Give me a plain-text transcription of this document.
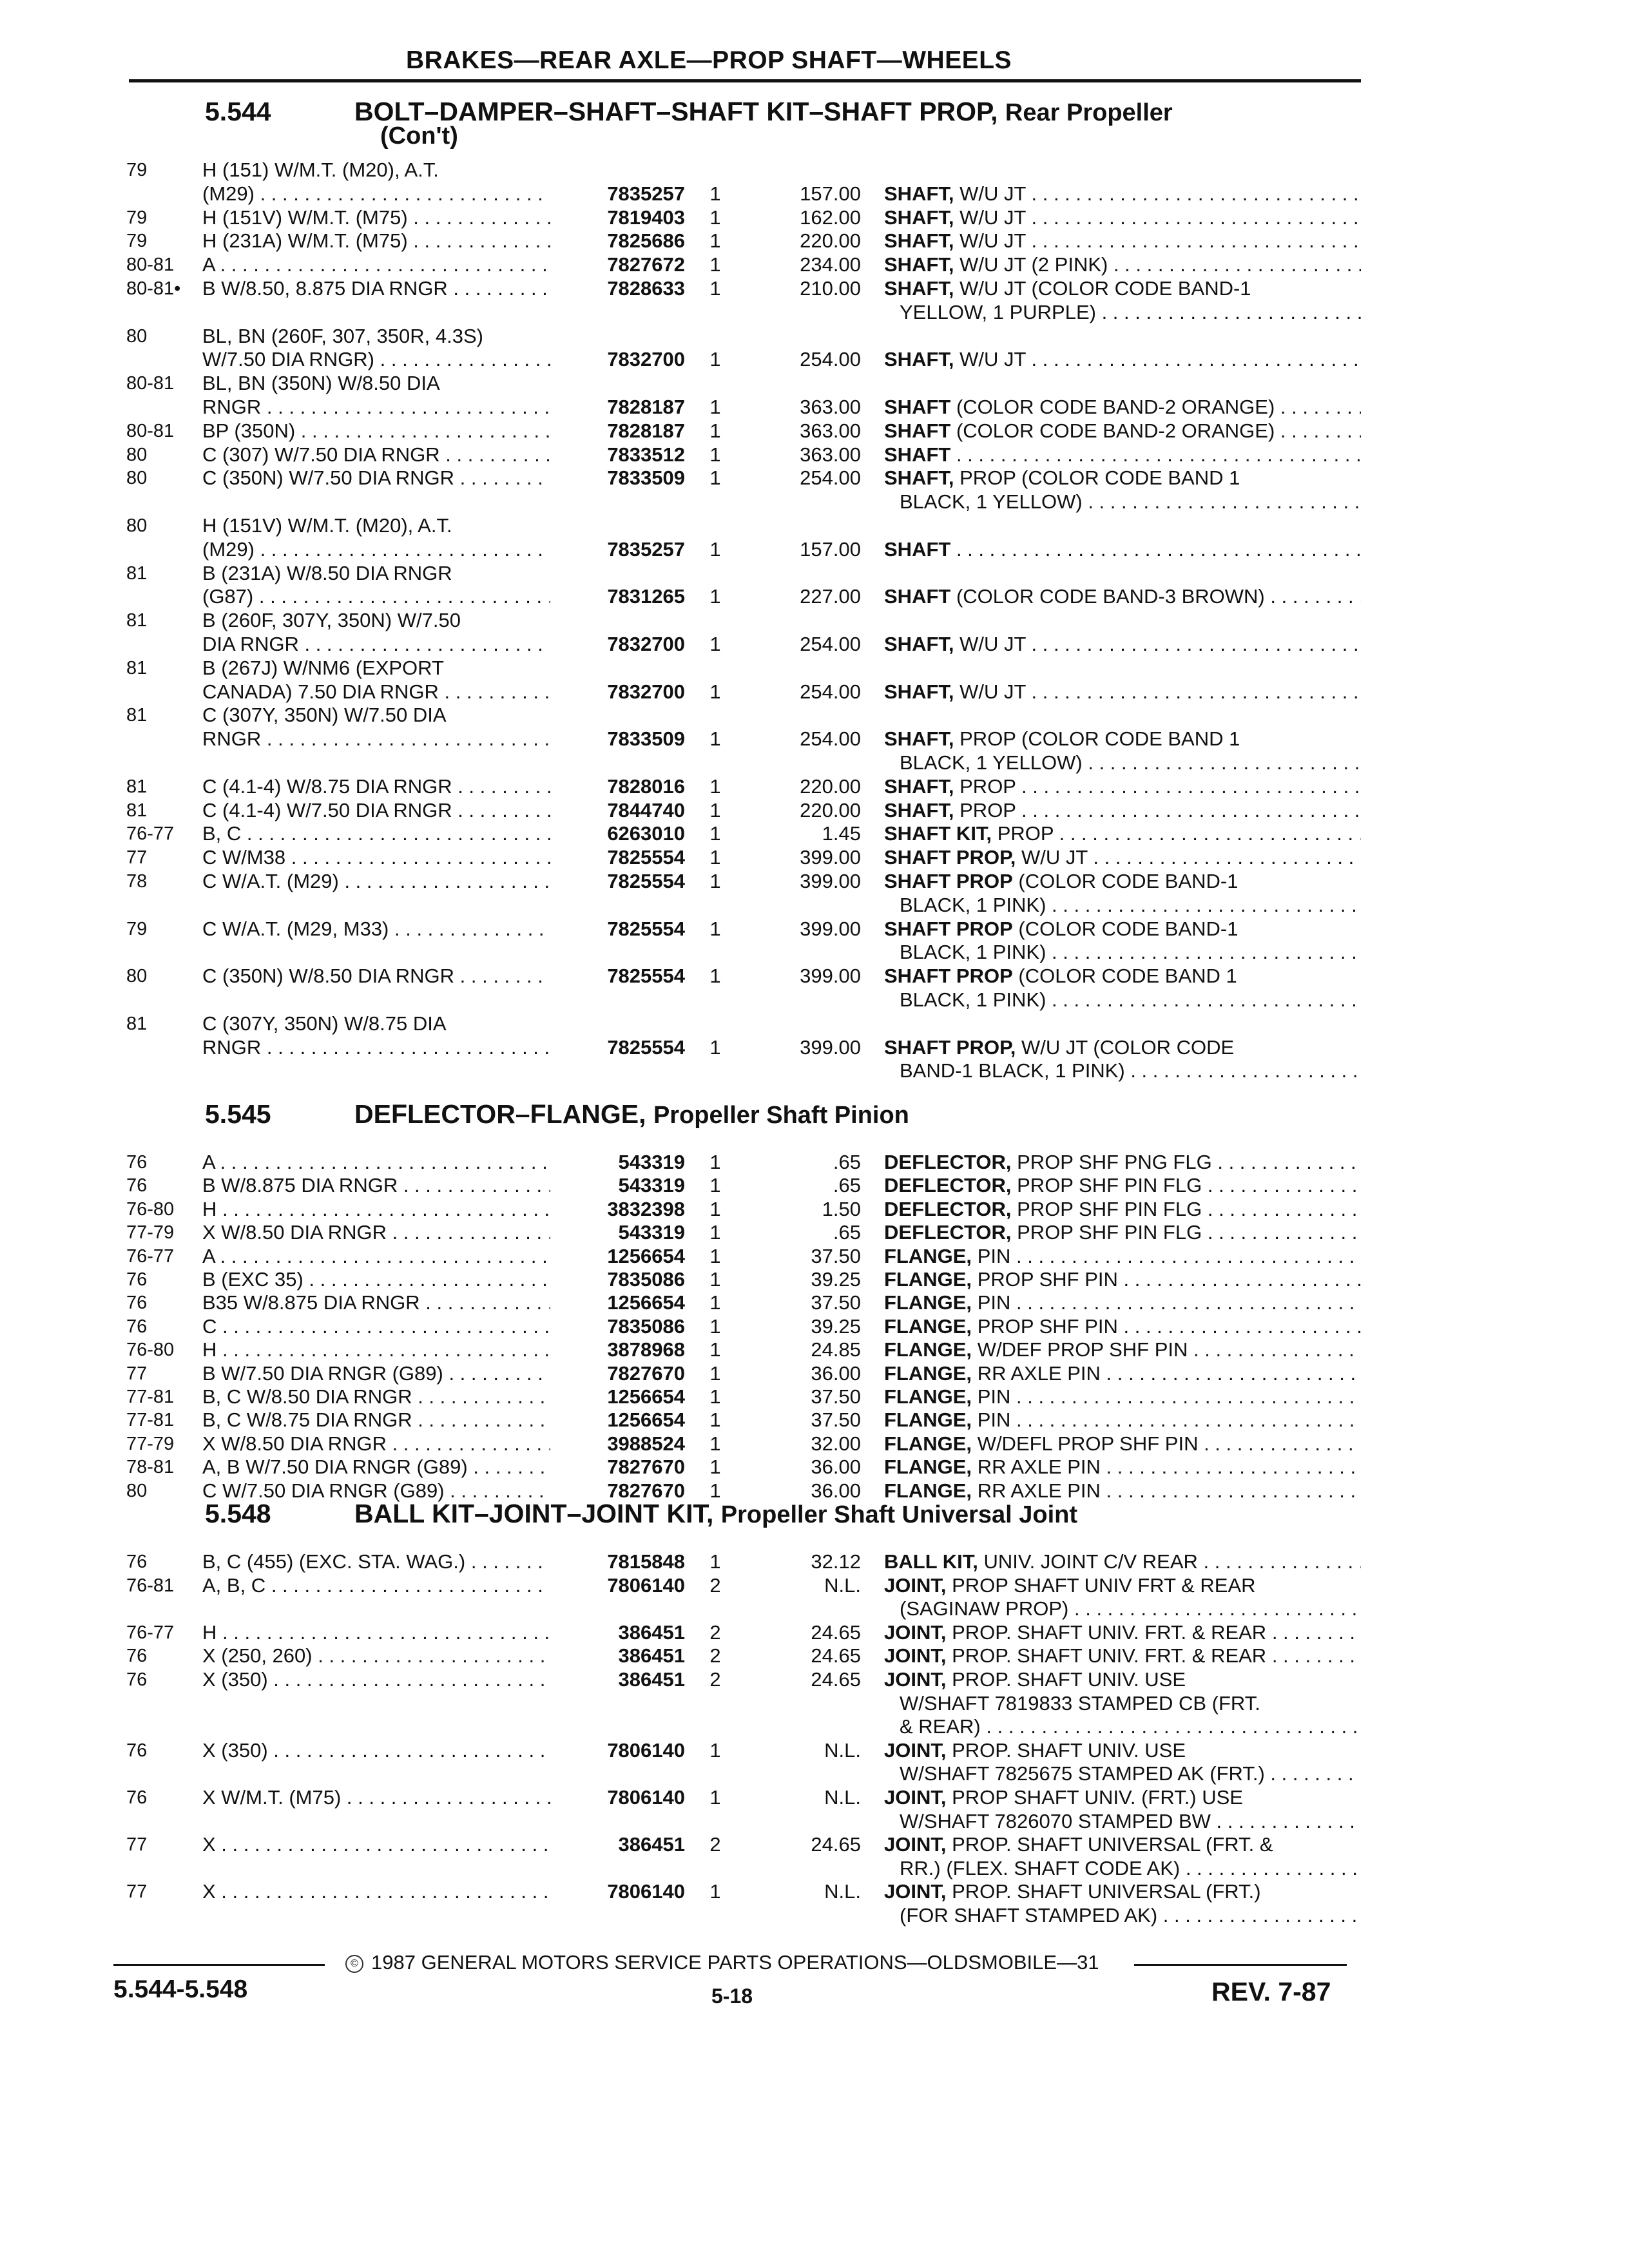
BRAKES—REAR AXLE—PROP SHAFT—WHEELS
5.544	BOLT–DAMPER–SHAFT–SHAFT KIT–SHAFT PROP, Rear Propeller
(Con't)
79	H (151) W/M.T. (M20), A.T.
(M29) . . .	7835257	1	157.00 SHAFT, W/U JT . . .
79	H (151V) W/M.T. (M75) . . .	7819403	1	162.00 SHAFT, W/U JT . . .
79	H (231A) W/M.T. (M75) . . .	7825686	1	220.00 SHAFT, W/U JT . . .
80-81 A . . .	7827672	1	234.00 SHAFT, W/U JT (2 PINK) . . .
80-81• B W/8.50, 8.875 DIA RNGR . . .	7828633	1	210.00 SHAFT, W/U JT (COLOR CODE BAND-1
YELLOW, 1 PURPLE) . . .
80	BL, BN (260F, 307, 350R, 4.3S)
W/7.50 DIA RNGR) . . .	7832700	1	254.00 SHAFT, W/U JT . . .
80-81 BL, BN (350N) W/8.50 DIA
RNGR . . .	7828187	1	363.00 SHAFT (COLOR CODE BAND-2 ORANGE) . . .
80-81 BP (350N) . . .	7828187	1	363.00 SHAFT (COLOR CODE BAND-2 ORANGE) . . .
80	C (307) W/7.50 DIA RNGR . . .	7833512	1	363.00 SHAFT . . .
80	C (350N) W/7.50 DIA RNGR . . .	7833509	1	254.00 SHAFT, PROP (COLOR CODE BAND 1
BLACK, 1 YELLOW) . . .
80	H (151V) W/M.T. (M20), A.T.
(M29) . . .	7835257	1	157.00 SHAFT . . .
81	B (231A) W/8.50 DIA RNGR
(G87) . . .	7831265	1	227.00 SHAFT (COLOR CODE BAND-3 BROWN) . . .
81	B (260F, 307Y, 350N) W/7.50
DIA RNGR . . .	7832700	1	254.00 SHAFT, W/U JT . . .
81	B (267J) W/NM6 (EXPORT
CANADA) 7.50 DIA RNGR . . .	7832700	1	254.00 SHAFT, W/U JT . . .
81	C (307Y, 350N) W/7.50 DIA
RNGR . . .	7833509	1	254.00 SHAFT, PROP (COLOR CODE BAND 1
BLACK, 1 YELLOW) . . .
81	C (4.1-4) W/8.75 DIA RNGR . . .	7828016	1	220.00 SHAFT, PROP . . .
81	C (4.1-4) W/7.50 DIA RNGR . . .	7844740	1	220.00 SHAFT, PROP . . .
76-77 B, C . . .	6263010	1	1.45 SHAFT KIT, PROP . . .
77	C W/M38 . . .	7825554	1	399.00 SHAFT PROP, W/U JT . . .
78	C W/A.T. (M29) . . .	7825554	1	399.00 SHAFT PROP (COLOR CODE BAND-1
BLACK, 1 PINK) . . .
79	C W/A.T. (M29, M33) . . .	7825554	1	399.00 SHAFT PROP (COLOR CODE BAND-1
BLACK, 1 PINK) . . .
80	C (350N) W/8.50 DIA RNGR . . .	7825554	1	399.00 SHAFT PROP (COLOR CODE BAND 1
BLACK, 1 PINK) . . .
81	C (307Y, 350N) W/8.75 DIA
RNGR . . .	7825554	1	399.00 SHAFT PROP, W/U JT (COLOR CODE
BAND-1 BLACK, 1 PINK) . . .
5.545	DEFLECTOR–FLANGE, Propeller Shaft Pinion
76	A . . .	543319	1	.65 DEFLECTOR, PROP SHF PNG FLG . . .
76	B W/8.875 DIA RNGR . . .	543319	1	.65 DEFLECTOR, PROP SHF PIN FLG . . .
76-80 H . . .	3832398	1	1.50 DEFLECTOR, PROP SHF PIN FLG . . .
77-79 X W/8.50 DIA RNGR . . .	543319	1	.65 DEFLECTOR, PROP SHF PIN FLG . . .
76-77 A . . .	1256654	1	37.50 FLANGE, PIN . . .
76	B (EXC 35) . . .	7835086	1	39.25 FLANGE, PROP SHF PIN . . .
76	B35 W/8.875 DIA RNGR . . .	1256654	1	37.50 FLANGE, PIN . . .
76	C . . .	7835086	1	39.25 FLANGE, PROP SHF PIN . . .
76-80 H . . .	3878968	1	24.85 FLANGE, W/DEF PROP SHF PIN . . .
77	B W/7.50 DIA RNGR (G89) . . .	7827670	1	36.00 FLANGE, RR AXLE PIN . . .
77-81 B, C W/8.50 DIA RNGR . . .	1256654	1	37.50 FLANGE, PIN . . .
77-81 B, C W/8.75 DIA RNGR . . .	1256654	1	37.50 FLANGE, PIN . . .
77-79 X W/8.50 DIA RNGR . . .	3988524	1	32.00 FLANGE, W/DEFL PROP SHF PIN . . .
78-81 A, B W/7.50 DIA RNGR (G89) . . .	7827670	1	36.00 FLANGE, RR AXLE PIN . . .
80	C W/7.50 DIA RNGR (G89) . . .	7827670	1	36.00 FLANGE, RR AXLE PIN . . .
5.548	BALL KIT–JOINT–JOINT KIT, Propeller Shaft Universal Joint
76	B, C (455) (EXC. STA. WAG.) . . .	7815848	1	32.12 BALL KIT, UNIV. JOINT C/V REAR . . .
76-81 A, B, C . . .	7806140	2	N.L. JOINT, PROP SHAFT UNIV FRT & REAR
(SAGINAW PROP) . . .
76-77 H . . .	386451	2	24.65 JOINT, PROP. SHAFT UNIV. FRT. & REAR . . .
76	X (250, 260) . . .	386451	2	24.65 JOINT, PROP. SHAFT UNIV. FRT. & REAR . . .
76	X (350) . . .	386451	2	24.65 JOINT, PROP. SHAFT UNIV. USE
W/SHAFT 7819833 STAMPED CB (FRT.
& REAR) . . .
76	X (350) . . .	7806140	1	N.L. JOINT, PROP. SHAFT UNIV. USE
W/SHAFT 7825675 STAMPED AK (FRT.) . . .
76	X W/M.T. (M75) . . .	7806140	1	N.L. JOINT, PROP SHAFT UNIV. (FRT.) USE
W/SHAFT 7826070 STAMPED BW . . .
77	X . . .	386451	2	24.65 JOINT, PROP. SHAFT UNIVERSAL (FRT. &
RR.) (FLEX. SHAFT CODE AK) . . .
77	X . . .	7806140	1	N.L. JOINT, PROP. SHAFT UNIVERSAL (FRT.)
(FOR SHAFT STAMPED AK) . . .
© 1987 GENERAL MOTORS SERVICE PARTS OPERATIONS—OLDSMOBILE—31
5.544-5.548	5-18	REV. 7-87
